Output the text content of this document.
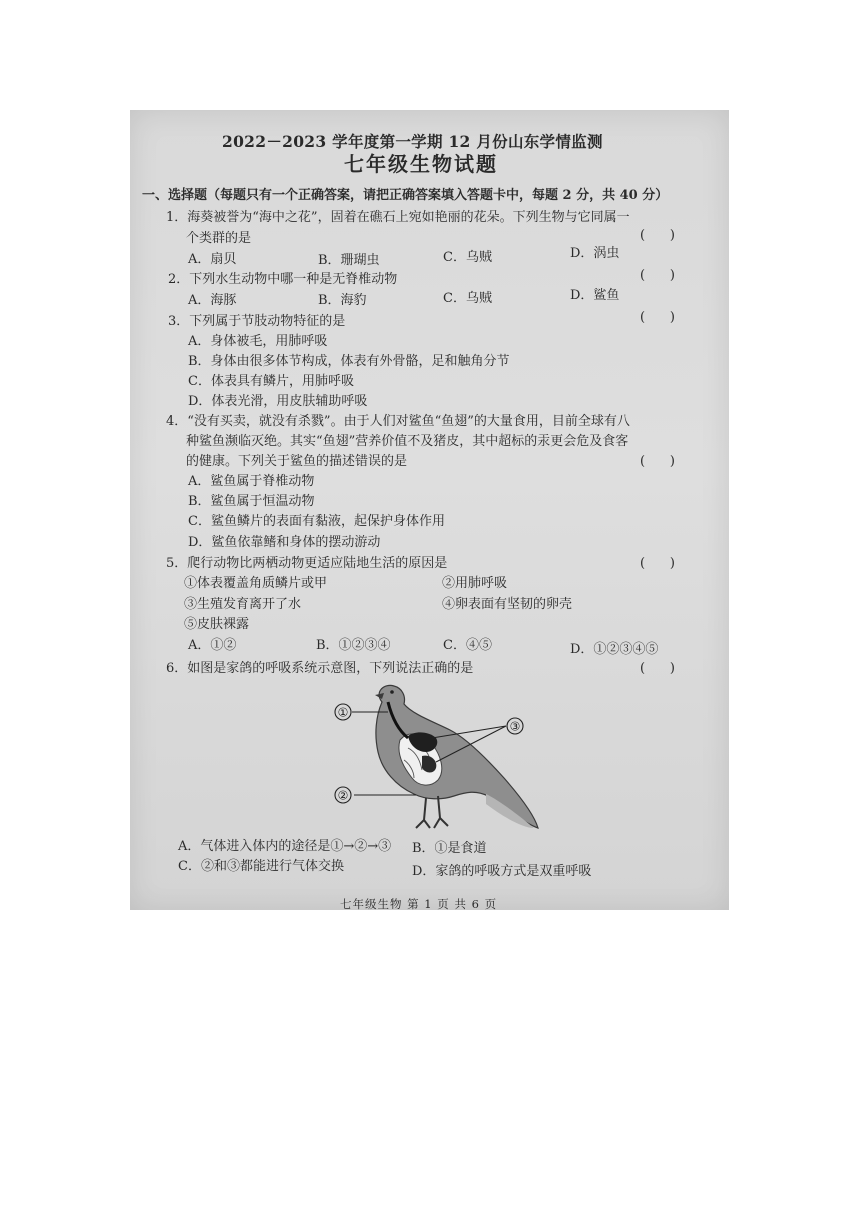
2022－2023 学年度第一学期 12 月份山东学情监测
七年级生物试题
一、选择题（每题只有一个正确答案，请把正确答案填入答题卡中，每题 2 分，共 40 分）
1．海葵被誉为“海中之花”，固着在礁石上宛如艳丽的花朵。下列生物与它同属一
个类群的是	(      )
A．扇贝	B．珊瑚虫	C．乌贼	D．涡虫
2．下列水生动物中哪一种是无脊椎动物	(      )
A．海豚	B．海豹	C．乌贼	D．鲨鱼
3．下列属于节肢动物特征的是	(      )
A．身体被毛，用肺呼吸
B．身体由很多体节构成，体表有外骨骼，足和触角分节
C．体表具有鳞片，用肺呼吸
D．体表光滑，用皮肤辅助呼吸
4．“没有买卖，就没有杀戮”。由于人们对鲨鱼“鱼翅”的大量食用，目前全球有八
种鲨鱼濒临灭绝。其实“鱼翅”营养价值不及猪皮，其中超标的汞更会危及食客
的健康。下列关于鲨鱼的描述错误的是	(      )
A．鲨鱼属于脊椎动物
B．鲨鱼属于恒温动物
C．鲨鱼鳞片的表面有黏液，起保护身体作用
D．鲨鱼依靠鳍和身体的摆动游动
5．爬行动物比两栖动物更适应陆地生活的原因是	(      )
①体表覆盖角质鳞片或甲	②用肺呼吸
③生殖发育离开了水	④卵表面有坚韧的卵壳
⑤皮肤裸露
A．①②	B．①②③④	C．④⑤	D．①②③④⑤
6．如图是家鸽的呼吸系统示意图，下列说法正确的是	(      )
①
②
③
A．气体进入体内的途径是①→②→③ B．①是食道
C．②和③都能进行气体交换	D．家鸽的呼吸方式是双重呼吸
七年级生物 第 1 页 共 6 页
